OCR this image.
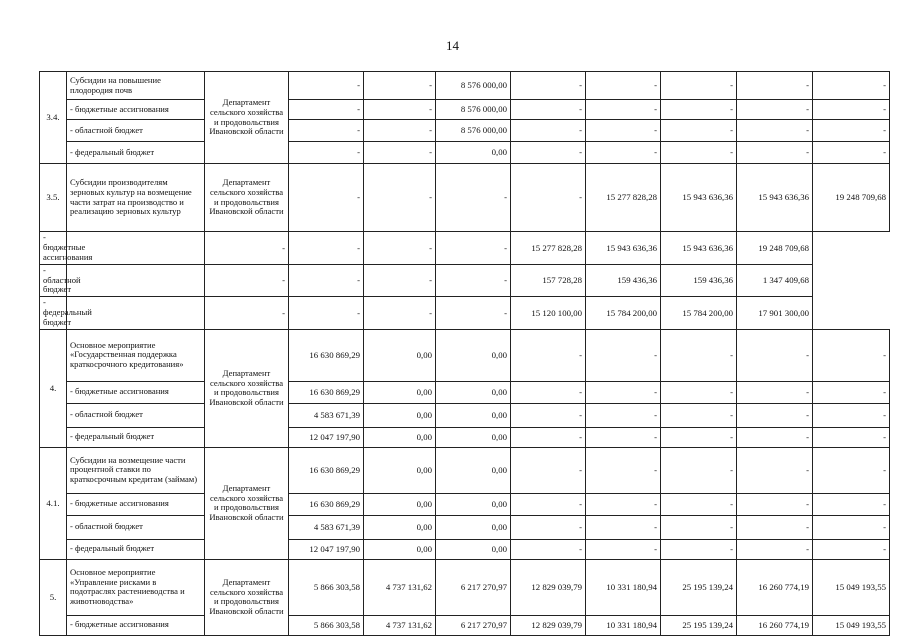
14
3.4.	Субсидии на повышение плодородия почв	Департамент сельского хозяйства и продовольствия Ивановской области	-	-	8 576 000,00	-	-	-	-	-
	- бюджетные ассигнования		-	-	8 576 000,00	-	-	-	-	-
	- областной бюджет		-	-	8 576 000,00	-	-	-	-	-
	- федеральный бюджет		-	-	0,00	-	-	-	-	-
3.5.	Субсидии производителям зерновых культур на возмещение части затрат на производство и реализацию зерновых культур	Департамент сельского хозяйства и продовольствия Ивановской области	-	-	-	-	15 277 828,28	15 943 636,36	15 943 636,36	19 248 709,68
- бюджетные ассигнования		-	-	-	-	15 277 828,28	15 943 636,36	15 943 636,36	19 248 709,68	
- областной бюджет		-	-	-	-	157 728,28	159 436,36	159 436,36	1 347 409,68	
- федеральный бюджет		-	-	-	-	15 120 100,00	15 784 200,00	15 784 200,00	17 901 300,00	
4.	Основное мероприятие «Государственная поддержка краткосрочного кредитования»	Департамент сельского хозяйства и продовольствия Ивановской области	16 630 869,29	0,00	0,00	-	-	-	-	-
	- бюджетные ассигнования		16 630 869,29	0,00	0,00	-	-	-	-	-
	- областной бюджет		4 583 671,39	0,00	0,00	-	-	-	-	-
	- федеральный бюджет		12 047 197,90	0,00	0,00	-	-	-	-	-
4.1.	Субсидии на возмещение части процентной ставки по краткосрочным кредитам (займам)	Департамент сельского хозяйства и продовольствия Ивановской области	16 630 869,29	0,00	0,00	-	-	-	-	-
	- бюджетные ассигнования		16 630 869,29	0,00	0,00	-	-	-	-	-
	- областной бюджет		4 583 671,39	0,00	0,00	-	-	-	-	-
	- федеральный бюджет		12 047 197,90	0,00	0,00	-	-	-	-	-
5.	Основное мероприятие «Управление рисками в подотраслях растениеводства и животноводства»	Департамент сельского хозяйства и продовольствия Ивановской области	5 866 303,58	4 737 131,62	6 217 270,97	12 829 039,79	10 331 180,94	25 195 139,24	16 260 774,19	15 049 193,55
	- бюджетные ассигнования		5 866 303,58	4 737 131,62	6 217 270,97	12 829 039,79	10 331 180,94	25 195 139,24	16 260 774,19	15 049 193,55
